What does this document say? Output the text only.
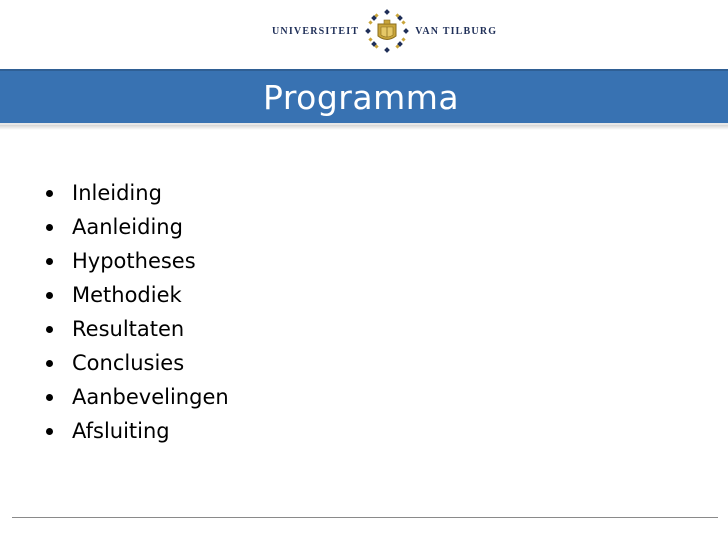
UNIVERSITEIT	VAN TILBURG
Programma
Inleiding
Aanleiding
Hypotheses
Methodiek
Resultaten
Conclusies
Aanbevelingen
Afsluiting
